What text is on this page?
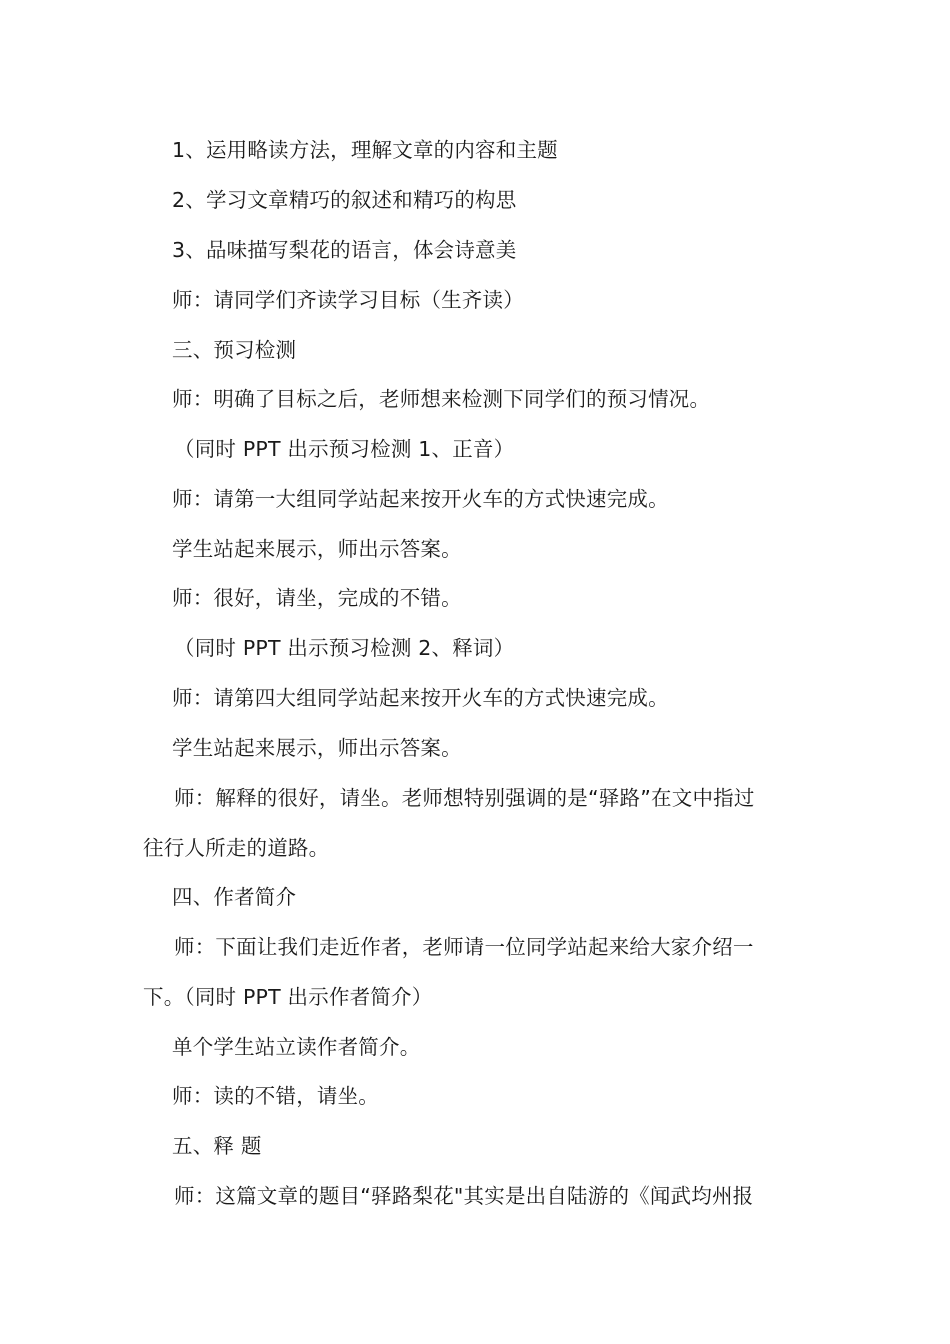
1、运用略读方法，理解文章的内容和主题
2、学习文章精巧的叙述和精巧的构思
3、品味描写梨花的语言，体会诗意美
师：请同学们齐读学习目标（生齐读）
三、预习检测
师：明确了目标之后，老师想来检测下同学们的预习情况。
（同时 PPT 出示预习检测 1、正音）
师：请第一大组同学站起来按开火车的方式快速完成。
学生站起来展示，师出示答案。
师：很好，请坐，完成的不错。
（同时 PPT 出示预习检测 2、释词）
师：请第四大组同学站起来按开火车的方式快速完成。
学生站起来展示，师出示答案。
师：解释的很好，请坐。老师想特别强调的是“驿路”在文中指过
往行人所走的道路。
四、作者简介
师：下面让我们走近作者，老师请一位同学站起来给大家介绍一
下。（同时 PPT 出示作者简介）
单个学生站立读作者简介。
师：读的不错，请坐。
五、释 题
师：这篇文章的题目“驿路梨花"其实是出自陆游的《闻武均州报
